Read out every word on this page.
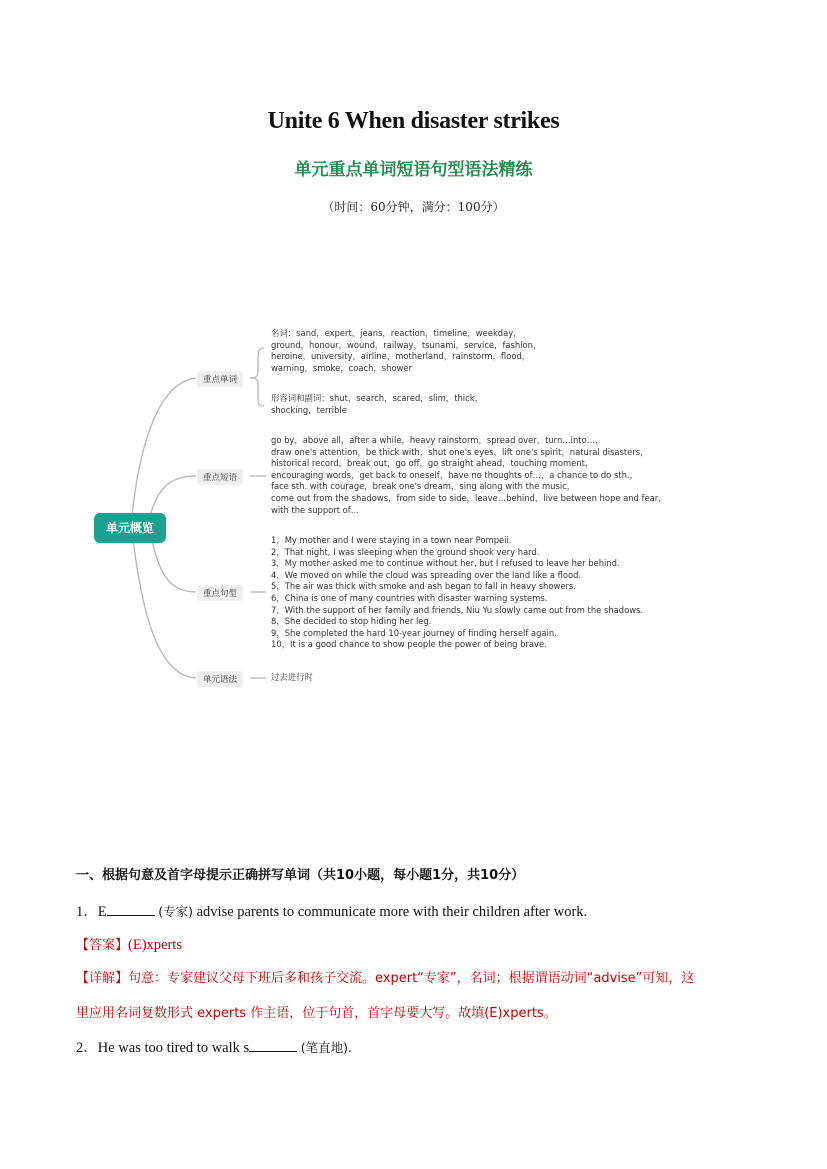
Unite 6 When disaster strikes
单元重点单词短语句型语法精练
（时间：60分钟，满分：100分）
单元概览
重点单词
重点短语
重点句型
单元语法
名词：sand，expert，jeans，reaction，timeline，weekday，
ground，honour，wound，railway，tsunami，service，fashion，
heroine，university，airline，motherland，rainstorm，flood，
warning，smoke，coach，shower
形容词和副词：shut，search，scared，slim，thick，
shocking，terrible
go by，above all，after a while，heavy rainstorm，spread over，turn…into…，
draw one's attention，be thick with，shut one's eyes，lift one's spirit，natural disasters，
historical record，break out，go off，go straight ahead，touching moment，
encouraging words，get back to oneself，have no thoughts of…，a chance to do sth.，
face sth. with courage，break one's dream，sing along with the music，
come out from the shadows，from side to side，leave…behind，live between hope and fear，
with the support of…
1，My mother and I were staying in a town near Pompeii.
2，That night, I was sleeping when the ground shook very hard.
3，My mother asked me to continue without her, but I refused to leave her behind.
4，We moved on while the cloud was spreading over the land like a flood.
5，The air was thick with smoke and ash began to fall in heavy showers.
6，China is one of many countries with disaster warning systems.
7，With the support of her family and friends, Niu Yu slowly came out from the shadows.
8，She decided to stop hiding her leg.
9，She completed the hard 10-year journey of finding herself again.
10，It is a good chance to show people the power of being brave.
过去进行时
一、根据句意及首字母提示正确拼写单词（共10小题，每小题1分，共10分）
1．E	(专家) advise parents to communicate more with their children after work.
【答案】(E)xperts
【详解】句意：专家建议父母下班后多和孩子交流。expert“专家”，名词；根据谓语动词“advise”可知，这
里应用名词复数形式 experts 作主语，位于句首，首字母要大写。故填(E)xperts。
2．He was too tired to walk s	(笔直地).
